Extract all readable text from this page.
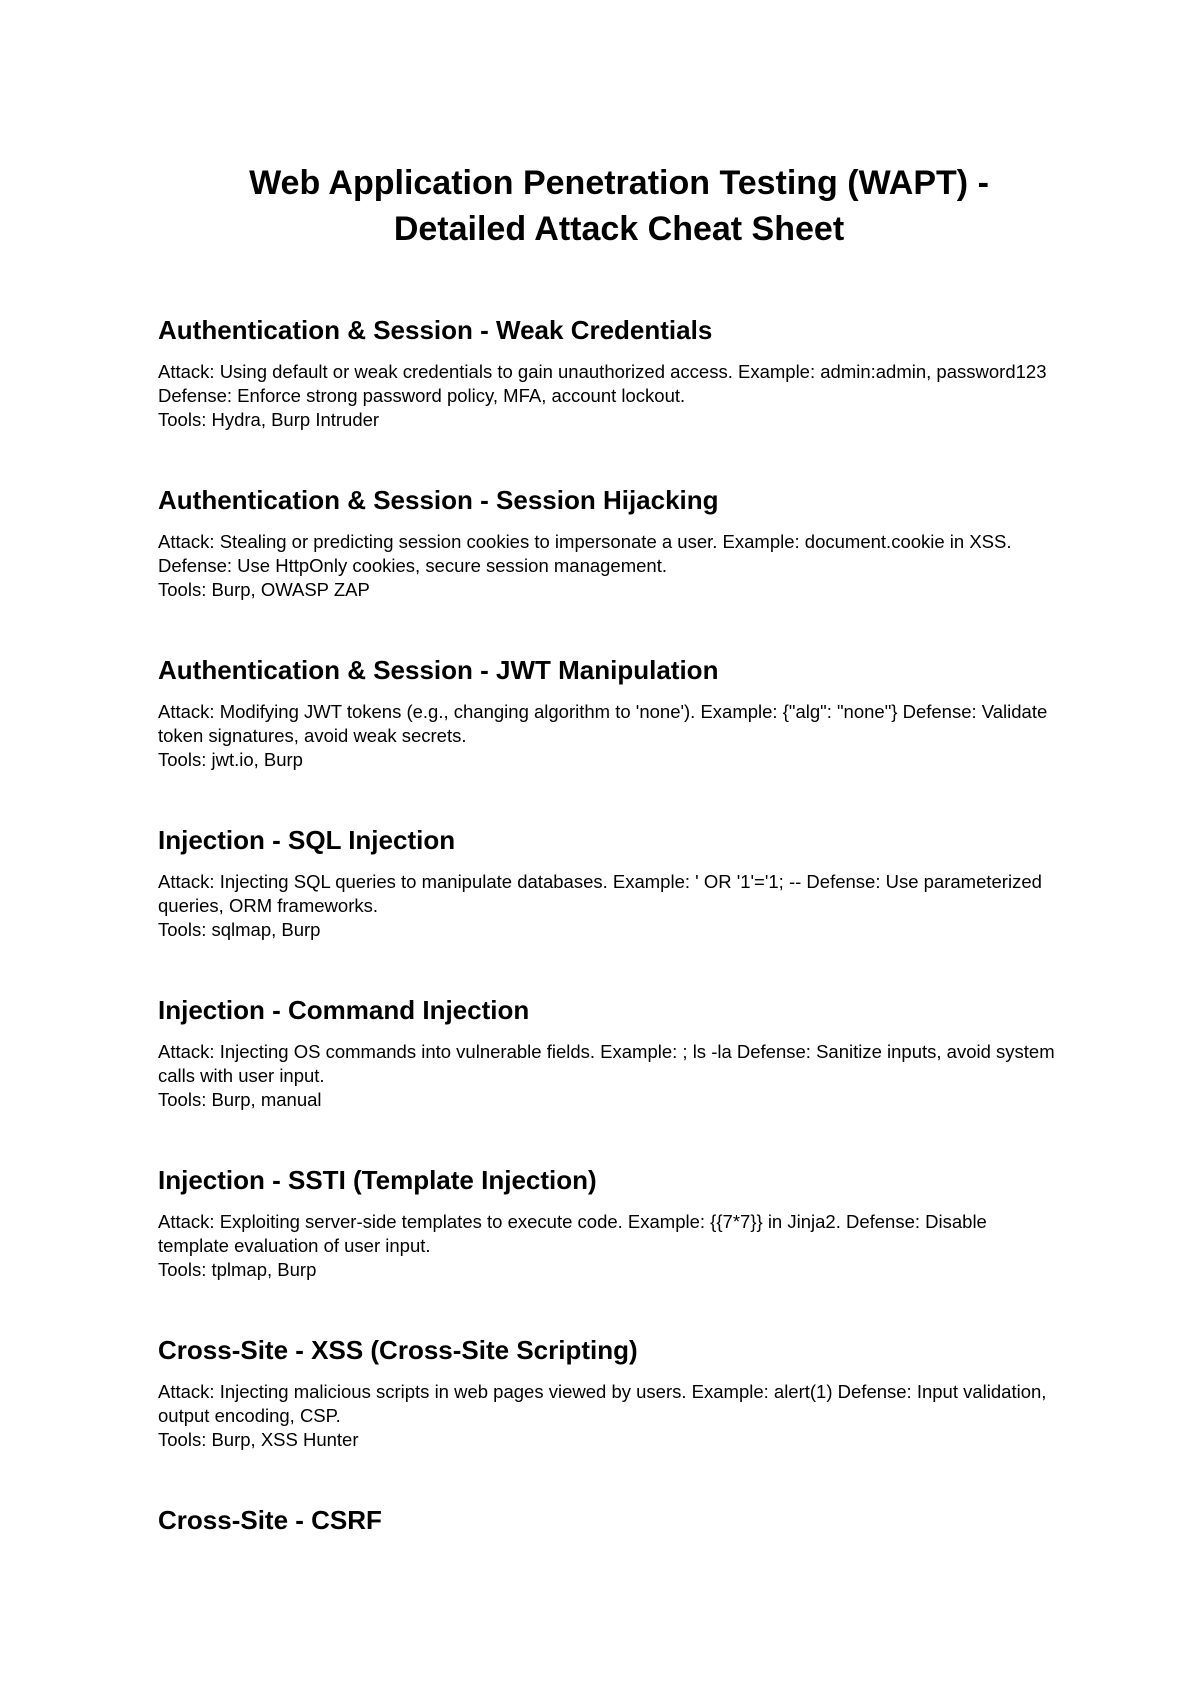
Web Application Penetration Testing (WAPT) -
Detailed Attack Cheat Sheet
Authentication & Session - Weak Credentials

Attack: Using default or weak credentials to gain unauthorized access. Example: admin:admin, password123 Defense: Enforce strong password policy, MFA, account lockout.
Tools: Hydra, Burp Intruder

Authentication & Session - Session Hijacking

Attack: Stealing or predicting session cookies to impersonate a user. Example: document.cookie in XSS. Defense: Use HttpOnly cookies, secure session management.
Tools: Burp, OWASP ZAP

Authentication & Session - JWT Manipulation

Attack: Modifying JWT tokens (e.g., changing algorithm to 'none'). Example: {"alg": "none"} Defense: Validate token signatures, avoid weak secrets.
Tools: jwt.io, Burp

Injection - SQL Injection

Attack: Injecting SQL queries to manipulate databases. Example: ' OR '1'='1; -- Defense: Use parameterized queries, ORM frameworks.
Tools: sqlmap, Burp

Injection - Command Injection

Attack: Injecting OS commands into vulnerable fields. Example: ; ls -la Defense: Sanitize inputs, avoid system calls with user input.
Tools: Burp, manual

Injection - SSTI (Template Injection)

Attack: Exploiting server-side templates to execute code. Example: {{7*7}} in Jinja2. Defense: Disable template evaluation of user input.
Tools: tplmap, Burp

Cross-Site - XSS (Cross-Site Scripting)

Attack: Injecting malicious scripts in web pages viewed by users. Example: alert(1) Defense: Input validation, output encoding, CSP.
Tools: Burp, XSS Hunter

Cross-Site - CSRF
